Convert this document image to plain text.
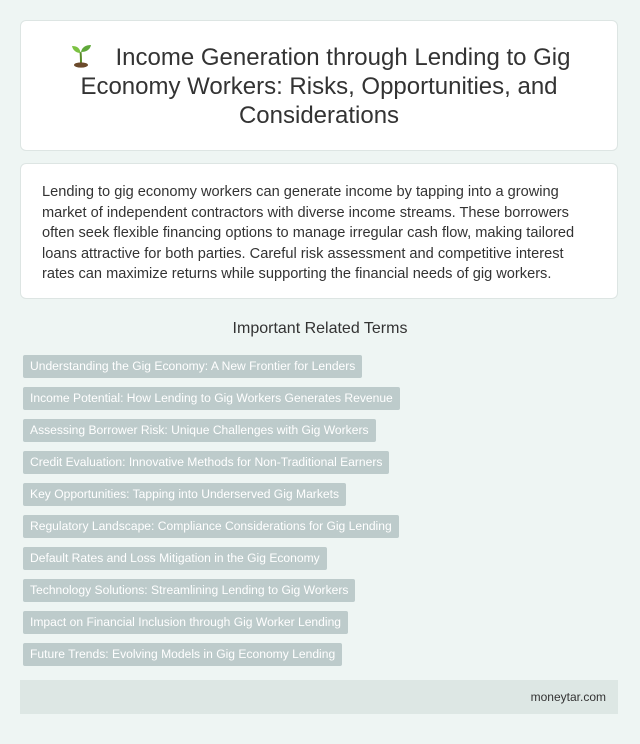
Income Generation through Lending to Gig Economy Workers: Risks, Opportunities, and Considerations

Lending to gig economy workers can generate income by tapping into a growing market of independent contractors with diverse income streams. These borrowers often seek flexible financing options to manage irregular cash flow, making tailored loans attractive for both parties. Careful risk assessment and competitive interest rates can maximize returns while supporting the financial needs of gig workers.

Important Related Terms
Understanding the Gig Economy: A New Frontier for Lenders
Income Potential: How Lending to Gig Workers Generates Revenue
Assessing Borrower Risk: Unique Challenges with Gig Workers
Credit Evaluation: Innovative Methods for Non-Traditional Earners
Key Opportunities: Tapping into Underserved Gig Markets
Regulatory Landscape: Compliance Considerations for Gig Lending
Default Rates and Loss Mitigation in the Gig Economy
Technology Solutions: Streamlining Lending to Gig Workers
Impact on Financial Inclusion through Gig Worker Lending
Future Trends: Evolving Models in Gig Economy Lending
moneytar.com
